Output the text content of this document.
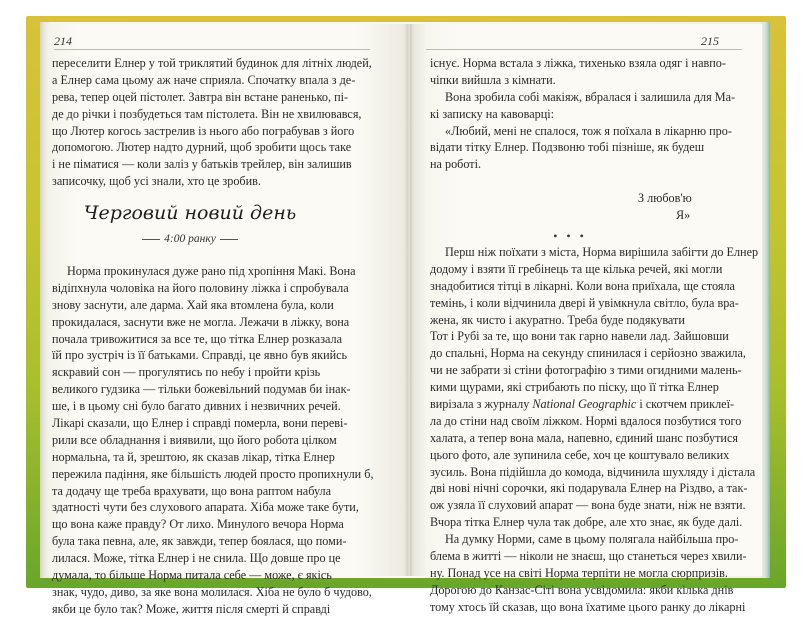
214
переселити Елнер у той триклятий будинок для літніх людей,
а Елнер сама цьому аж наче сприяла. Спочатку впала з де-
рева, тепер оцей пістолет. Завтра він встане раненько, пі-
де до річки і позбудеться там пістолета. Він не хвилювався,
що Лютер когось застрелив із нього або пограбував з його
допомогою. Лютер надто дурний, щоб зробити щось таке
і не піматися — коли заліз у батьків трейлер, він залишив
записочку, щоб усі знали, хто це зробив.
Черговий новий день
4:00 ранку
Норма прокинулася дуже рано під хропіння Макі. Вона
відіпхнула чоловіка на його половину ліжка і спробувала
знову заснути, але дарма. Хай яка втомлена була, коли
прокидалася, заснути вже не могла. Лежачи в ліжку, вона
почала тривожитися за все те, що тітка Елнер розказала
їй про зустріч із її батьками. Справді, це явно був якийсь
яскравий сон — прогулятись по небу і пройти крізь
великого гудзика — тільки божевільний подумав би інак-
ше, і в цьому сні було багато дивних і незвичних речей.
Лікарі сказали, що Елнер і справді померла, вони перевi-
рили все обладнання і виявили, що його робота цілком
нормальна, та й, зрештою, як сказав лікар, тітка Елнер
пережила падіння, яке більшість людей просто пропихнули б,
та додачу ще треба врахувати, що вона раптом набула
здатності чути без слухового апарата. Хіба може таке бути,
що вона каже правду? От лихо. Минулого вечора Норма
була така певна, але, як завжди, тепер боялася, що поми-
лилася. Може, тітка Елнер і не снила. Що довше про це
думала, то більше Норма питала себе — може, є якісь
знак, чудо, диво, за яке вона молилася. Хіба не було б чудово,
якби це було так? Може, життя після смерті й справді
215
існує. Норма встала з ліжка, тихенько взяла одяг і навпо-
чіпки вийшла з кімнати.
Вона зробила собі макіяж, вбралася і залишила для Ма-
кі записку на кавоварці:
«Любий, мені не спалося, тож я поїхала в лікарню про-
відати тітку Елнер. Подзвоню тобі пізніше, як будеш
на роботі.
З любов'ю
Я»
• • •
Перш ніж поїхати з міста, Норма вирішила забігти до Елнер
додому і взяти її гребінець та ще кілька речей, які могли
знадобитися тітці в лікарні. Коли вона приїхала, ще стояла
темінь, і коли відчинила двері й увімкнула світло, була вра-
жена, як чисто і акуратно. Треба буде подякувати
Тот і Рубі за те, що вони так гарно навели лад. Зайшовши
до спальні, Норма на секунду спинилася і серйозно зважила,
чи не забрати зі стіни фотографію з тими огидними малень-
кими щурами, які стрибають по піску, що її тітка Елнер
вирізала з журналу National Geographic і скотчем приклеї-
ла до стіни над своїм ліжком. Нормі вдалося позбутися того
халата, а тепер вона мала, напевно, єдиний шанс позбутися
цього фото, але зупинила себе, хоч це коштувало великих
зусиль. Вона підійшла до комода, відчинила шухляду і дістала
дві нові нічні сорочки, які подарувала Елнер на Різдво, а так-
ож узяла її слуховий апарат — вона буде знати, ніж не взяти.
Вчора тітка Елнер чула так добре, але хто знає, як буде далі.
На думку Норми, саме в цьому полягала найбільша про-
блема в житті — ніколи не знаєш, що станеться через хвили-
ну. Понад усе на світі Норма терпіти не могла сюрпризів.
Дорогою до Канзас-Сіті вона усвідомила: якби кілька днів
тому хтось їй сказав, що вона їхатиме цього ранку до лікарні
